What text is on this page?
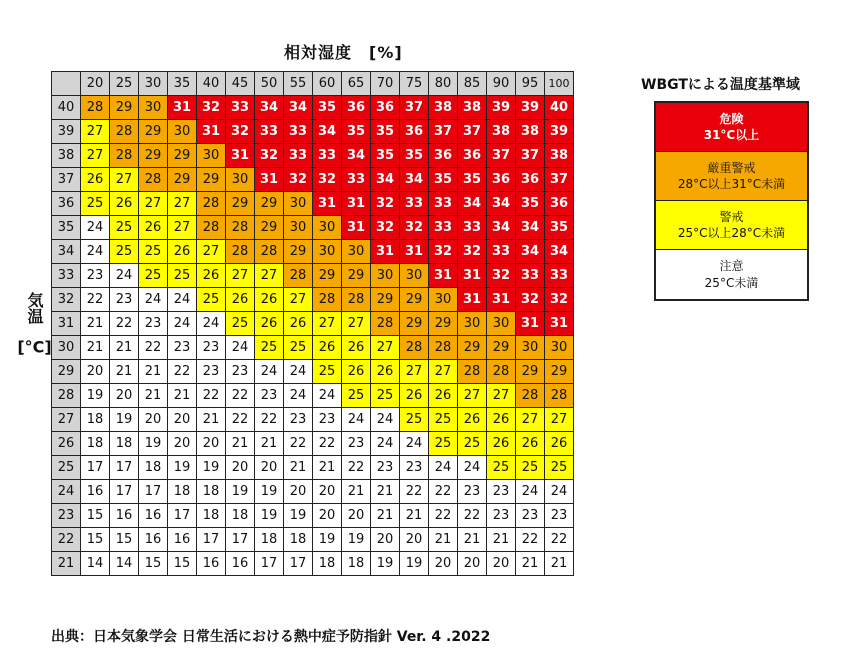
相対湿度　[%]
気温 [°C]
	20	25	30	35	40	45	50	55	60	65	70	75	80	85	90	95	100
40	28	29	30	31	32	33	34	34	35	36	36	37	38	38	39	39	40
39	27	28	29	30	31	32	33	33	34	35	35	36	37	37	38	38	39
38	27	28	29	29	30	31	32	33	33	34	35	35	36	36	37	37	38
37	26	27	28	29	29	30	31	32	32	33	34	34	35	35	36	36	37
36	25	26	27	27	28	29	29	30	31	31	32	33	33	34	34	35	36
35	24	25	26	27	28	28	29	30	30	31	32	32	33	33	34	34	35
34	24	25	25	26	27	28	28	29	30	30	31	31	32	32	33	34	34
33	23	24	25	25	26	27	27	28	29	29	30	30	31	31	32	33	33
32	22	23	24	24	25	26	26	27	28	28	29	29	30	31	31	32	32
31	21	22	23	24	24	25	26	26	27	27	28	29	29	30	30	31	31
30	21	21	22	23	23	24	25	25	26	26	27	28	28	29	29	30	30
29	20	21	21	22	23	23	24	24	25	26	26	27	27	28	28	29	29
28	19	20	21	21	22	22	23	24	24	25	25	26	26	27	27	28	28
27	18	19	20	20	21	22	22	23	23	24	24	25	25	26	26	27	27
26	18	18	19	20	20	21	21	22	22	23	24	24	25	25	26	26	26
25	17	17	18	19	19	20	20	21	21	22	23	23	24	24	25	25	25
24	16	17	17	18	18	19	19	20	20	21	21	22	22	23	23	24	24
23	15	16	16	17	18	18	19	19	20	20	21	21	22	22	23	23	23
22	15	15	16	16	17	17	18	18	19	19	20	20	21	21	21	22	22
21	14	14	15	15	16	16	17	17	18	18	19	19	20	20	20	21	21
WBGTによる温度基準域
危険
31°C以上
厳重警戒
28°C以上31°C未満
警戒
25°C以上28°C未満
注意
25°C未満
出典：日本気象学会 日常生活における熱中症予防指針 Ver. 4 .2022
